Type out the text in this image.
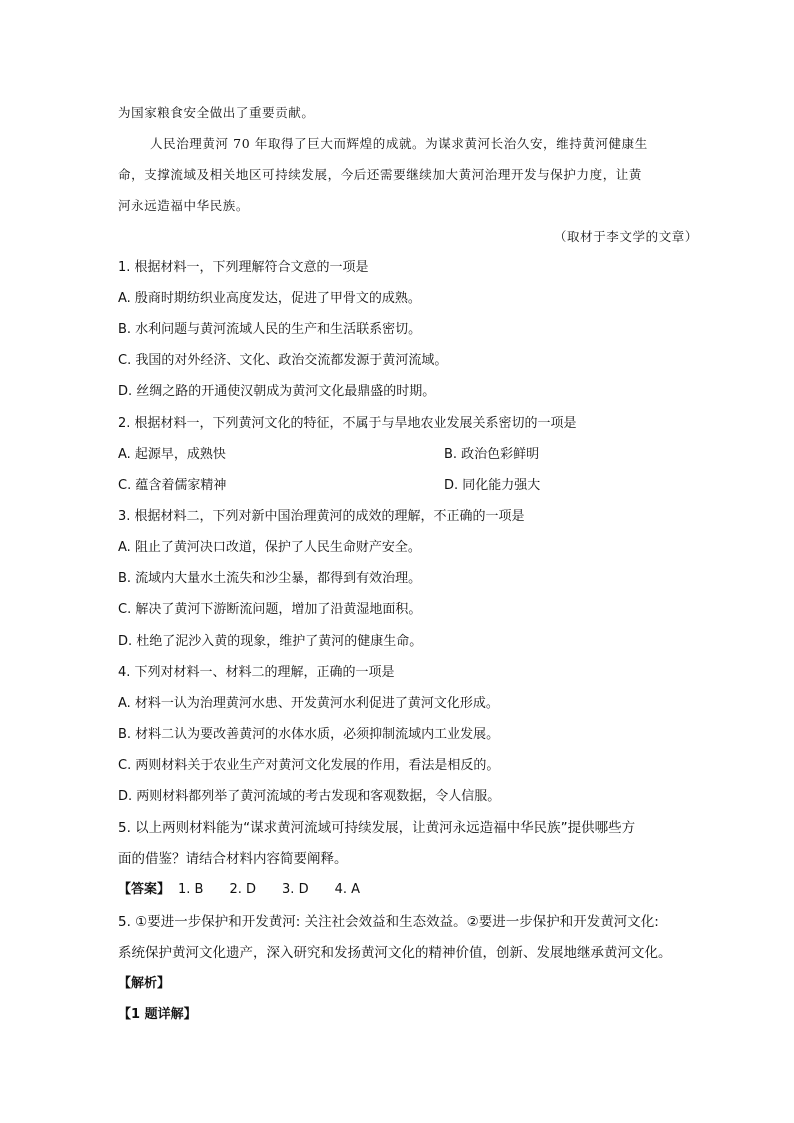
为国家粮食安全做出了重要贡献。
人民治理黄河 70 年取得了巨大而辉煌的成就。为谋求黄河长治久安，维持黄河健康生
命，支撑流域及相关地区可持续发展，今后还需要继续加大黄河治理开发与保护力度，让黄
河永远造福中华民族。
（取材于李文学的文章）
1. 根据材料一，下列理解符合文意的一项是
A. 殷商时期纺织业高度发达，促进了甲骨文的成熟。
B. 水利问题与黄河流域人民的生产和生活联系密切。
C. 我国的对外经济、文化、政治交流都发源于黄河流域。
D. 丝绸之路的开通使汉朝成为黄河文化最鼎盛的时期。
2. 根据材料一，下列黄河文化的特征，不属于与旱地农业发展关系密切的一项是
A. 起源早，成熟快	B. 政治色彩鲜明
C. 蕴含着儒家精神	D. 同化能力强大
3. 根据材料二，下列对新中国治理黄河的成效的理解，不正确的一项是
A. 阻止了黄河决口改道，保护了人民生命财产安全。
B. 流域内大量水土流失和沙尘暴，都得到有效治理。
C. 解决了黄河下游断流问题，增加了沿黄湿地面积。
D. 杜绝了泥沙入黄的现象，维护了黄河的健康生命。
4. 下列对材料一、材料二的理解，正确的一项是
A. 材料一认为治理黄河水患、开发黄河水利促进了黄河文化形成。
B. 材料二认为要改善黄河的水体水质，必须抑制流域内工业发展。
C. 两则材料关于农业生产对黄河文化发展的作用，看法是相反的。
D. 两则材料都列举了黄河流域的考古发现和客观数据，令人信服。
5. 以上两则材料能为“谋求黄河流域可持续发展，让黄河永远造福中华民族”提供哪些方
面的借鉴？请结合材料内容简要阐释。
【答案】 1. B 2. D 3. D 4. A
5. ①要进一步保护和开发黄河: 关注社会效益和生态效益。②要进一步保护和开发黄河文化:
系统保护黄河文化遗产，深入研究和发扬黄河文化的精神价值，创新、发展地继承黄河文化。
【解析】
【1 题详解】
